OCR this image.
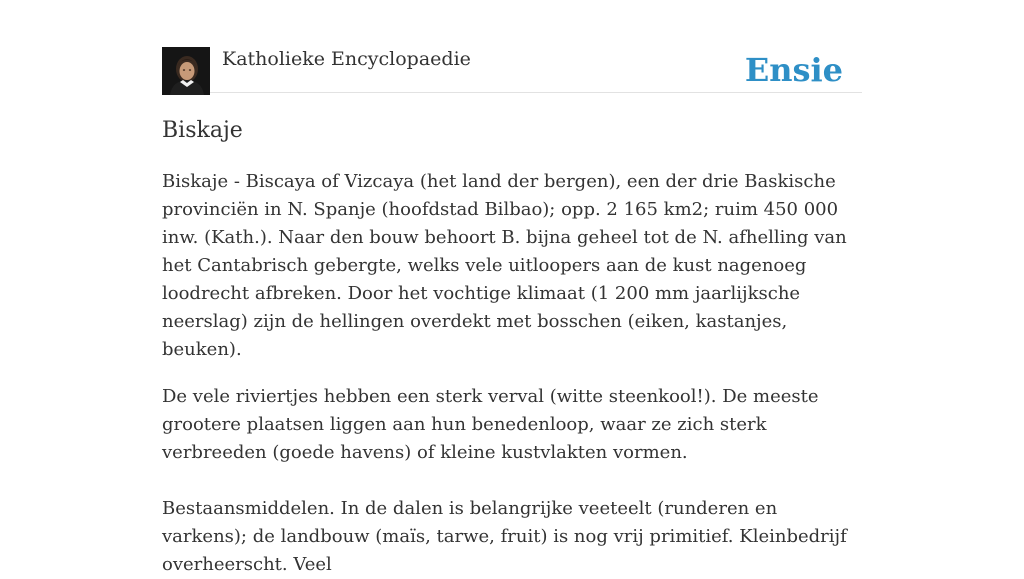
Katholieke Encyclopaedie	Ensie
Biskaje

Biskaje - Biscaya of Vizcaya (het land der bergen), een der drie Baskische provinciën in N. Spanje (hoofdstad Bilbao); opp. 2 165 km2; ruim 450 000 inw. (Kath.). Naar den bouw behoort B. bijna geheel tot de N. afhelling van het Cantabrisch gebergte, welks vele uitloopers aan de kust nagenoeg loodrecht afbreken. Door het vochtige klimaat (1 200 mm jaarlijksche neerslag) zijn de hellingen overdekt met bosschen (eiken, kastanjes, beuken).

De vele riviertjes hebben een sterk verval (witte steenkool!). De meeste grootere plaatsen liggen aan hun benedenloop, waar ze zich sterk verbreeden (goede havens) of kleine kustvlakten vormen.

Bestaansmiddelen. In de dalen is belangrijke veeteelt (runderen en varkens); de landbouw (maïs, tarwe, fruit) is nog vrij primitief. Kleinbedrijf overheerscht. Veel
